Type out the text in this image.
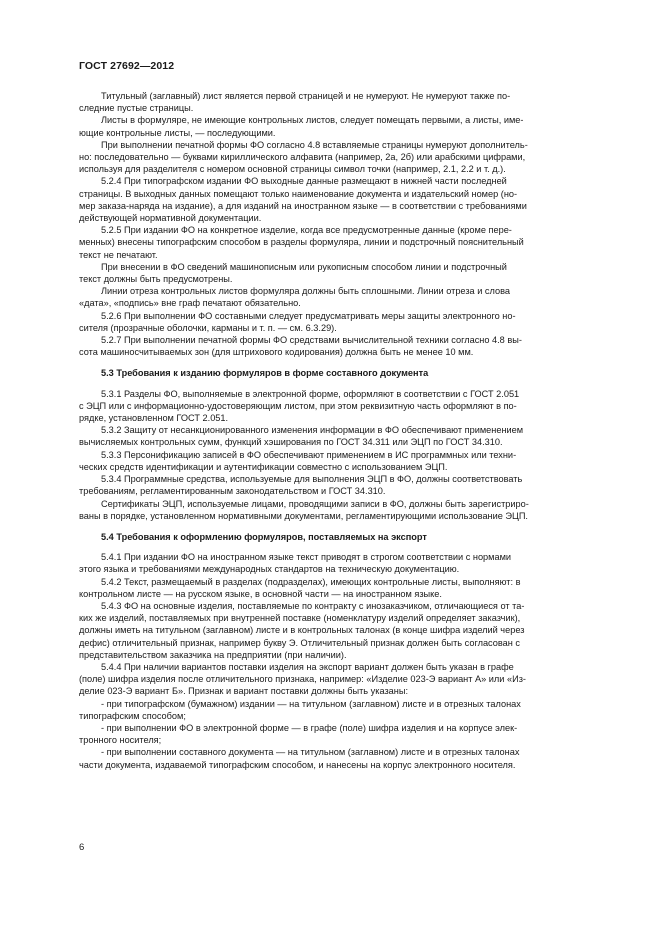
ГОСТ 27692—2012
Титульный (заглавный) лист является первой страницей и не нумеруют. Не нумеруют также по-
следние пустые страницы.
Листы в формуляре, не имеющие контрольных листов, следует помещать первыми, а листы, име-
ющие контрольные листы, — последующими.
При выполнении печатной формы ФО согласно 4.8 вставляемые страницы нумеруют дополнитель-
но: последовательно — буквами кириллического алфавита (например, 2а, 2б) или арабскими цифрами,
используя для разделителя с номером основной страницы символ точки (например, 2.1, 2.2 и т. д.).
5.2.4 При типографском издании ФО выходные данные размещают в нижней части последней
страницы. В выходных данных помещают только наименование документа и издательский номер (но-
мер заказа-наряда на издание), а для изданий на иностранном языке — в соответствии с требованиями
действующей нормативной документации.
5.2.5 При издании ФО на конкретное изделие, когда все предусмотренные данные (кроме пере-
менных) внесены типографским способом в разделы формуляра, линии и подстрочный пояснительный
текст не печатают.
При внесении в ФО сведений машинописным или рукописным способом линии и подстрочный
текст должны быть предусмотрены.
Линии отреза контрольных листов формуляра должны быть сплошными. Линии отреза и слова
«дата», «подпись» вне граф печатают обязательно.
5.2.6 При выполнении ФО составными следует предусматривать меры защиты электронного но-
сителя (прозрачные оболочки, карманы и т. п. — см. 6.3.29).
5.2.7 При выполнении печатной формы ФО средствами вычислительной техники согласно 4.8 вы-
сота машиносчитываемых зон (для штрихового кодирования) должна быть не менее 10 мм.
5.3 Требования к изданию формуляров в форме составного документа
5.3.1 Разделы ФО, выполняемые в электронной форме, оформляют в соответствии с ГОСТ 2.051
с ЭЦП или с информационно-удостоверяющим листом, при этом реквизитную часть оформляют в по-
рядке, установленном ГОСТ 2.051.
5.3.2 Защиту от несанкционированного изменения информации в ФО обеспечивают применением
вычисляемых контрольных сумм, функций хэширования по ГОСТ 34.311 или ЭЦП по ГОСТ 34.310.
5.3.3 Персонификацию записей в ФО обеспечивают применением в ИС программных или техни-
ческих средств идентификации и аутентификации совместно с использованием ЭЦП.
5.3.4 Программные средства, используемые для выполнения ЭЦП в ФО, должны соответствовать
требованиям, регламентированным законодательством и ГОСТ 34.310.
Сертификаты ЭЦП, используемые лицами, проводящими записи в ФО, должны быть зарегистриро-
ваны в порядке, установленном нормативными документами, регламентирующими использование ЭЦП.
5.4 Требования к оформлению формуляров, поставляемых на экспорт
5.4.1 При издании ФО на иностранном языке текст приводят в строгом соответствии с нормами
этого языка и требованиями международных стандартов на техническую документацию.
5.4.2 Текст, размещаемый в разделах (подразделах), имеющих контрольные листы, выполняют: в
контрольном листе — на русском языке, в основной части — на иностранном языке.
5.4.3 ФО на основные изделия, поставляемые по контракту с инозаказчиком, отличающиеся от та-
ких же изделий, поставляемых при внутренней поставке (номенклатуру изделий определяет заказчик),
должны иметь на титульном (заглавном) листе и в контрольных талонах (в конце шифра изделий через
дефис) отличительный признак, например букву Э. Отличительный признак должен быть согласован с
представительством заказчика на предприятии (при наличии).
5.4.4 При наличии вариантов поставки изделия на экспорт вариант должен быть указан в графе
(поле) шифра изделия после отличительного признака, например: «Изделие 023-Э вариант А» или «Из-
делие 023-Э вариант Б». Признак и вариант поставки должны быть указаны:
- при типографском (бумажном) издании — на титульном (заглавном) листе и в отрезных талонах
типографским способом;
- при выполнении ФО в электронной форме — в графе (поле) шифра изделия и на корпусе элек-
тронного носителя;
- при выполнении составного документа — на титульном (заглавном) листе и в отрезных талонах
части документа, издаваемой типографским способом, и нанесены на корпус электронного носителя.
6
